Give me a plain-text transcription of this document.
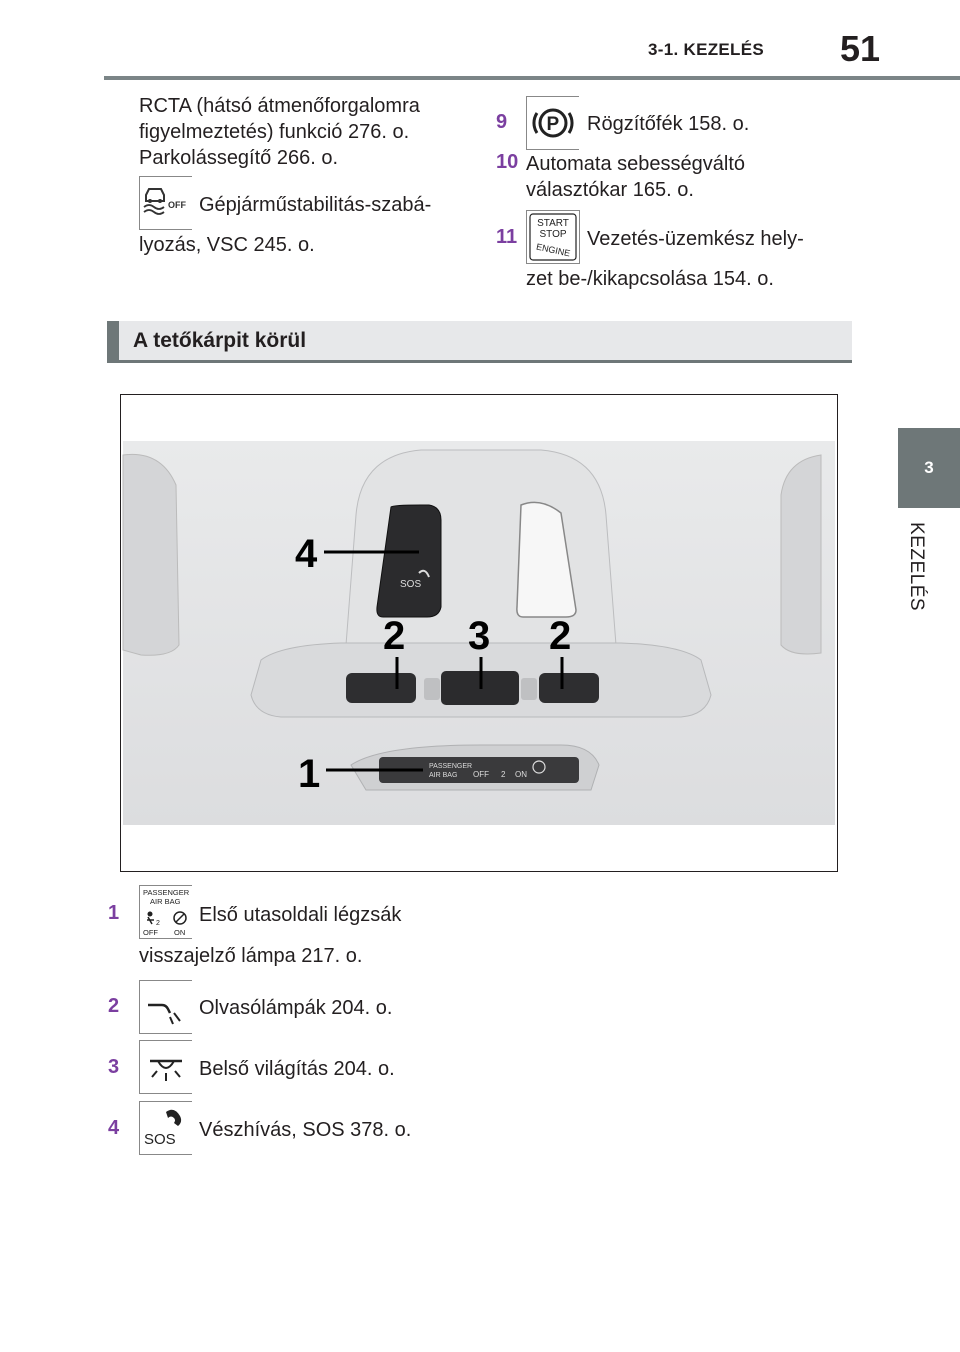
3-1. KEZELÉS 51
3
KEZELÉS
RCTA (hátsó átmenőforgalomra
figyelmeztetés) funkció 276. o.
Parkolássegítő 266. o.
OFF Gépjárműstabilitás-szabá-
lyozás, VSC 245. o.
9 P Rögzítőfék 158. o.
10 Automata sebességváltó
választókar 165. o.
11
START
STOP
ENGINE
Vezetés-üzemkész hely-
zet be-/kikapcsolása 154. o.
A tetőkárpit körül
SOS
PASSENGER
AIR BAG OFF 2 ON
4
2 3 2
1
1
PASSENGER
AIR BAG
2
OFF ON
Első utasoldali légzsák
visszajelző lámpa 217. o.
2	Olvasólámpák 204. o.
3	Belső világítás 204. o.
4
SOS Vészhívás, SOS 378. o.
